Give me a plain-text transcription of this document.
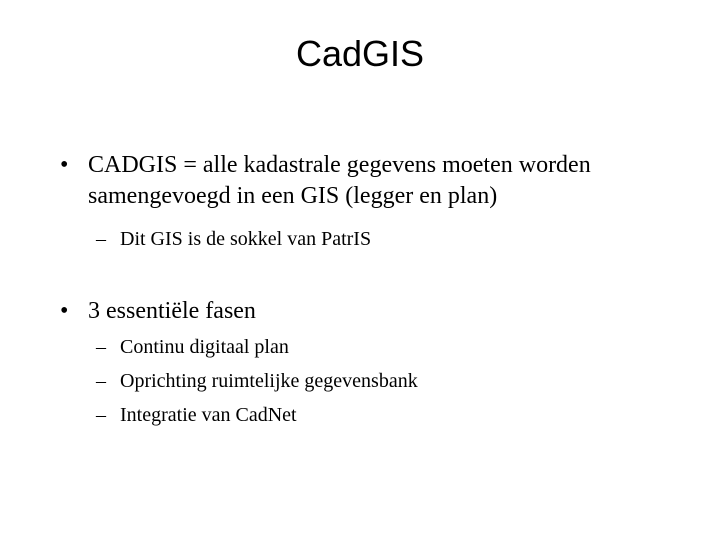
CadGIS
• CADGIS = alle kadastrale gegevens moeten worden samengevoegd in een GIS (legger en plan)
– Dit GIS is de sokkel van PatrIS
• 3 essentiële fasen
– Continu digitaal plan
– Oprichting ruimtelijke gegevensbank
– Integratie van CadNet
